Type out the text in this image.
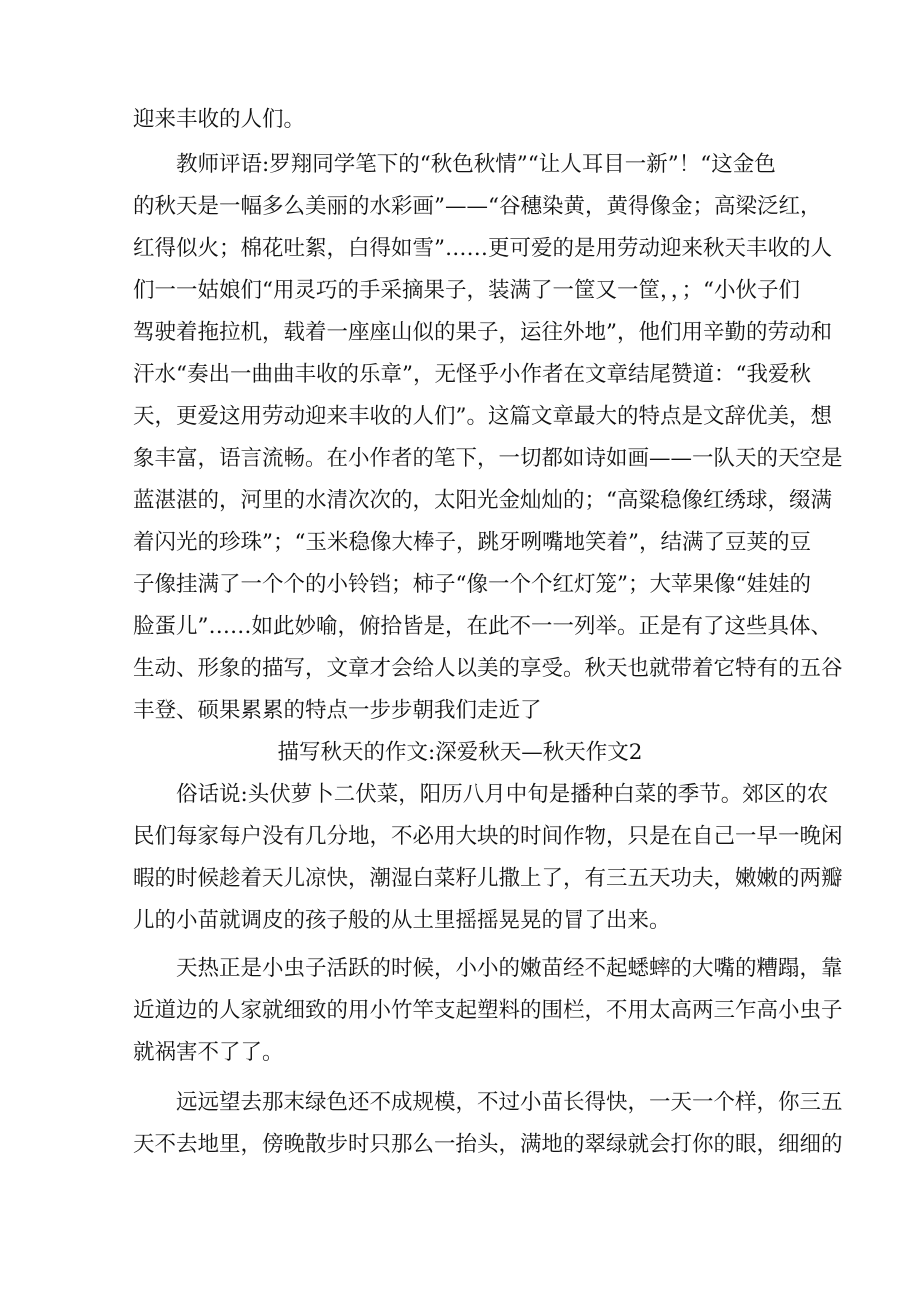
迎来丰收的人们。
教师评语:罗翔同学笔下的“秋色秋情”“让人耳目一新”！“这金色
的秋天是一幅多么美丽的水彩画”——“谷穗染黄，黄得像金；高梁泛红，
红得似火；棉花吐絮，白得如雪”……更可爱的是用劳动迎来秋天丰收的人
们一一姑娘们“用灵巧的手采摘果子，装满了一筐又一筐，，；“小伙子们
驾驶着拖拉机，载着一座座山似的果子，运往外地”，他们用辛勤的劳动和
汗水“奏出一曲曲丰收的乐章”，无怪乎小作者在文章结尾赞道：“我爱秋
天，更爱这用劳动迎来丰收的人们”。这篇文章最大的特点是文辞优美，想
象丰富，语言流畅。在小作者的笔下，一切都如诗如画——一队天的天空是
蓝湛湛的，河里的水清次次的，太阳光金灿灿的；“高粱稳像红绣球，缀满
着闪光的珍珠”；“玉米稳像大棒子，跳牙咧嘴地笑着”，结满了豆荚的豆
子像挂满了一个个的小铃铛；柿子“像一个个红灯笼”；大苹果像“娃娃的
脸蛋儿”……如此妙喻，俯拾皆是，在此不一一列举。正是有了这些具体、
生动、形象的描写，文章才会给人以美的享受。秋天也就带着它特有的五谷
丰登、硕果累累的特点一步步朝我们走近了
描写秋天的作文:深爱秋天—秋天作文2
俗话说:头伏萝卜二伏菜，阳历八月中旬是播种白菜的季节。郊区的农
民们每家每户没有几分地，不必用大块的时间作物，只是在自己一早一晚闲
暇的时候趁着天儿凉快，潮湿白菜籽儿撒上了，有三五天功夫，嫩嫩的两瓣
儿的小苗就调皮的孩子般的从土里摇摇晃晃的冒了出来。
天热正是小虫子活跃的时候，小小的嫩苗经不起蟋蟀的大嘴的糟蹋，靠
近道边的人家就细致的用小竹竿支起塑料的围栏，不用太高两三乍高小虫子
就祸害不了了。
远远望去那末绿色还不成规模，不过小苗长得快，一天一个样，你三五
天不去地里，傍晚散步时只那么一抬头，满地的翠绿就会打你的眼，细细的
